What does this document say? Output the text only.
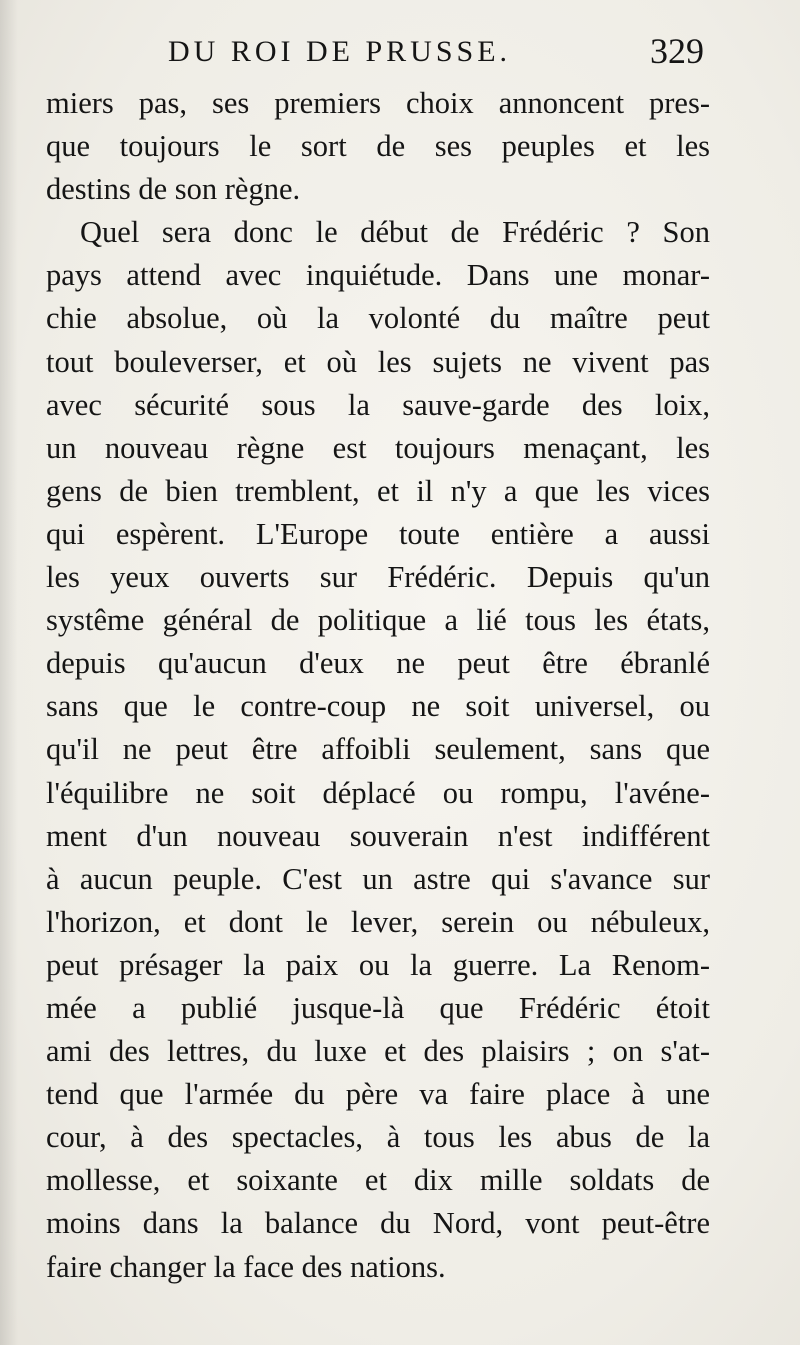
DU ROI DE PRUSSE.	329
miers pas, ses premiers choix annoncent pres-
que toujours le sort de ses peuples et les
destins de son règne.
Quel sera donc le début de Frédéric ? Son
pays attend avec inquiétude. Dans une monar-
chie absolue, où la volonté du maître peut
tout bouleverser, et où les sujets ne vivent pas
avec sécurité sous la sauve-garde des loix,
un nouveau règne est toujours menaçant, les
gens de bien tremblent, et il n'y a que les vices
qui espèrent. L'Europe toute entière a aussi
les yeux ouverts sur Frédéric. Depuis qu'un
systême général de politique a lié tous les états,
depuis qu'aucun d'eux ne peut être ébranlé
sans que le contre-coup ne soit universel, ou
qu'il ne peut être affoibli seulement, sans que
l'équilibre ne soit déplacé ou rompu, l'avéne-
ment d'un nouveau souverain n'est indifférent
à aucun peuple. C'est un astre qui s'avance sur
l'horizon, et dont le lever, serein ou nébuleux,
peut présager la paix ou la guerre. La Renom-
mée a publié jusque-là que Frédéric étoit
ami des lettres, du luxe et des plaisirs ; on s'at-
tend que l'armée du père va faire place à une
cour, à des spectacles, à tous les abus de la
mollesse, et soixante et dix mille soldats de
moins dans la balance du Nord, vont peut-être
faire changer la face des nations.
